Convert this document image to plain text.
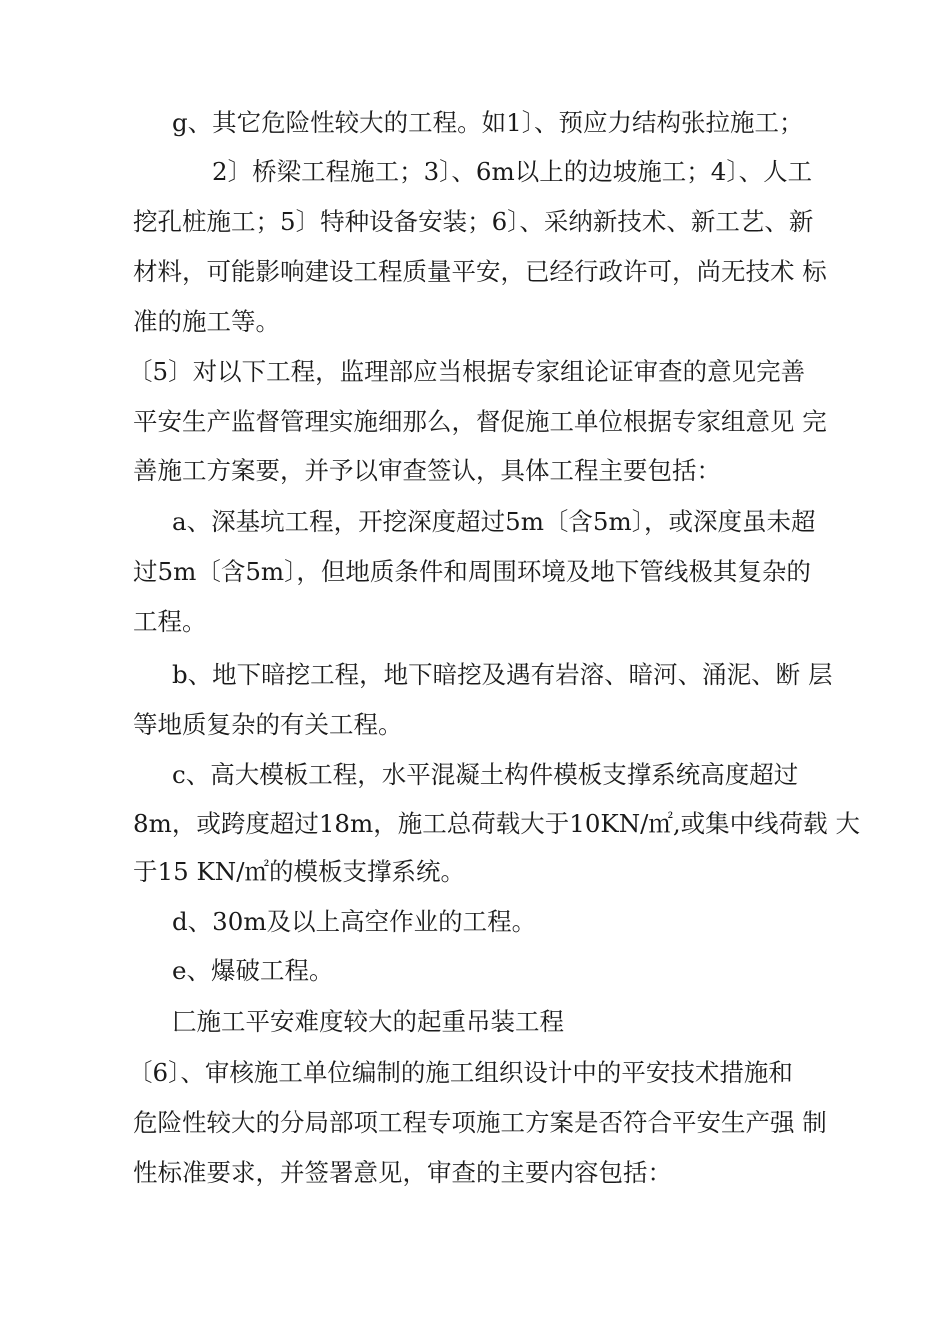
g、其它危险性较大的工程。如1〕、预应力结构张拉施工；
2〕桥梁工程施工；3〕、6m以上的边坡施工；4〕、人工
挖孔桩施工；5〕特种设备安装；6〕、采纳新技术、新工艺、新
材料，可能影响建设工程质量平安，已经行政许可，尚无技术 标
准的施工等。
〔5〕对以下工程，监理部应当根据专家组论证审查的意见完善
平安生产监督管理实施细那么，督促施工单位根据专家组意见 完
善施工方案要，并予以审查签认，具体工程主要包括：
a、深基坑工程，开挖深度超过5m〔含5m〕，或深度虽未超
过5m〔含5m〕，但地质条件和周围环境及地下管线极其复杂的
工程。
b、地下暗挖工程，地下暗挖及遇有岩溶、暗河、涌泥、断 层
等地质复杂的有关工程。
c、高大模板工程，水平混凝土构件模板支撑系统高度超过
8m，或跨度超过18m，施工总荷载大于10KN/㎡,或集中线荷载 大
于15 KN/㎡的模板支撑系统。
d、30m及以上高空作业的工程。
e、爆破工程。
匚施工平安难度较大的起重吊装工程
〔6〕、审核施工单位编制的施工组织设计中的平安技术措施和
危险性较大的分局部项工程专项施工方案是否符合平安生产强 制
性标准要求，并签署意见，审查的主要内容包括：
